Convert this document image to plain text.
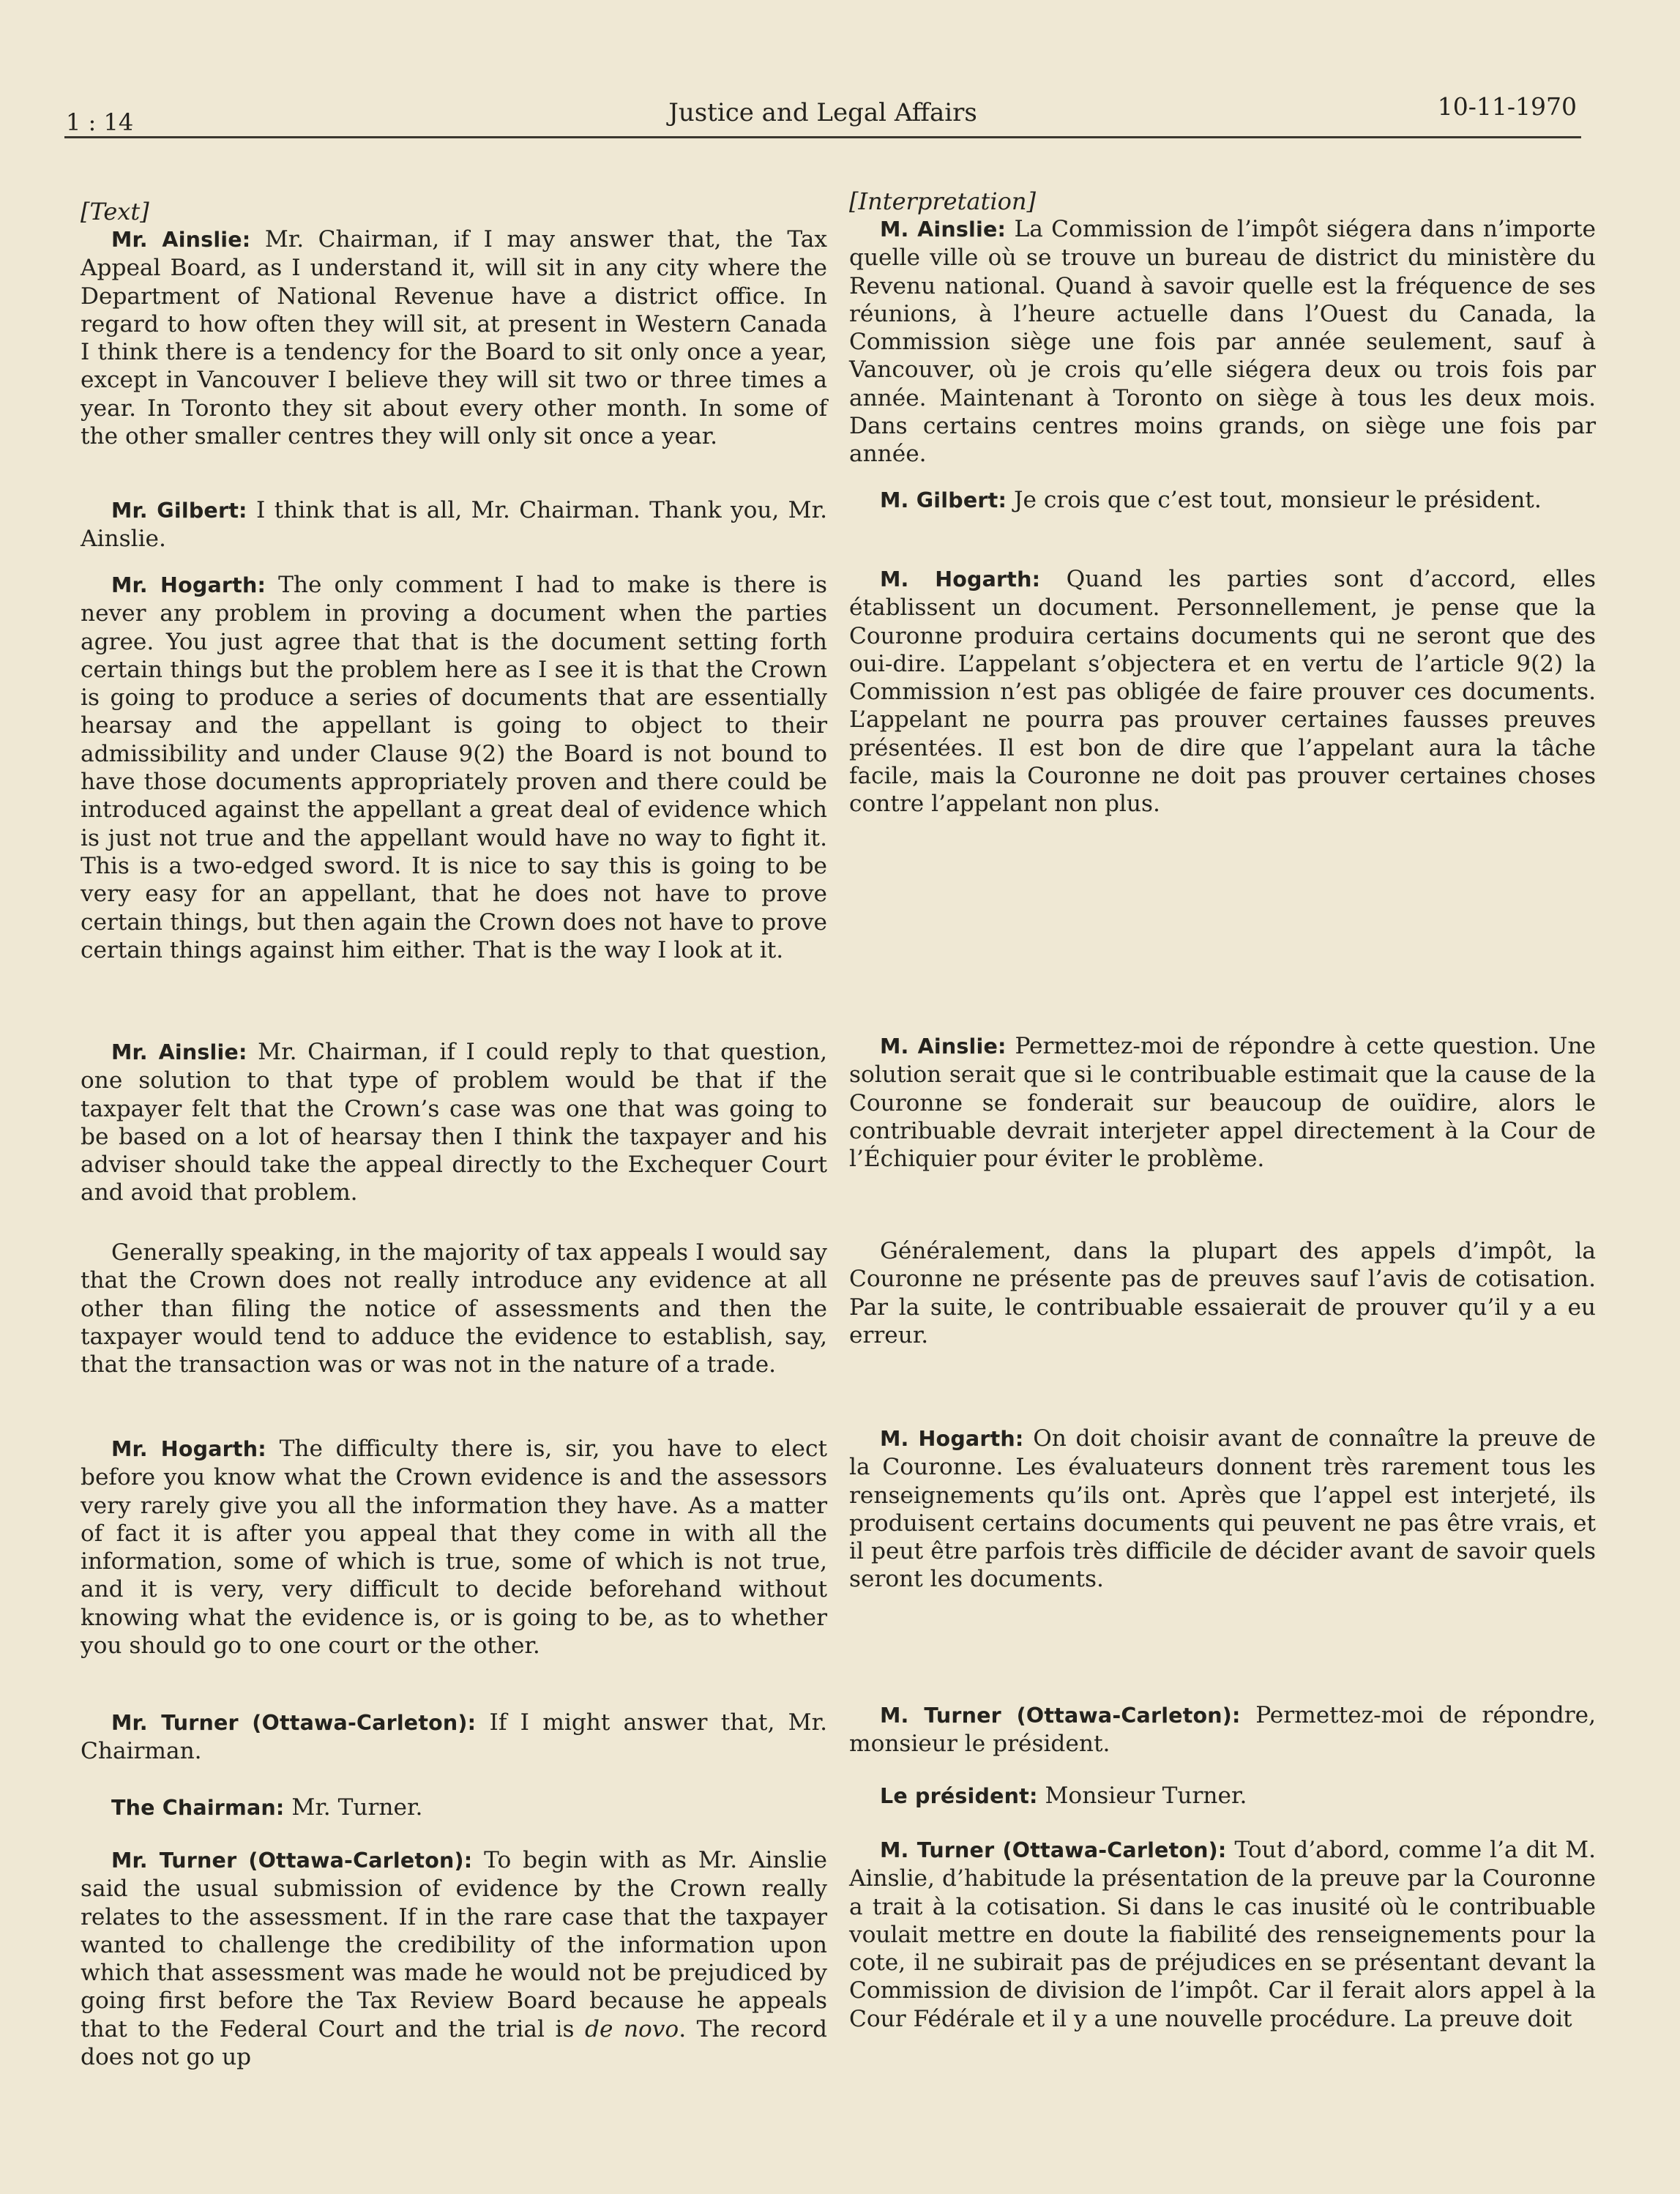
1 : 14	Justice and Legal Affairs	10-11-1970

[Text]

Mr. Ainslie: Mr. Chairman, if I may answer that, the Tax Appeal Board, as I understand it, will sit in any city where the Department of National Revenue have a district office. In regard to how often they will sit, at present in Western Canada I think there is a tendency for the Board to sit only once a year, except in Vancouver I believe they will sit two or three times a year. In Toronto they sit about every other month. In some of the other smaller centres they will only sit once a year.

Mr. Gilbert: I think that is all, Mr. Chairman. Thank you, Mr. Ainslie.

Mr. Hogarth: The only comment I had to make is there is never any problem in proving a document when the parties agree. You just agree that that is the document setting forth certain things but the problem here as I see it is that the Crown is going to produce a series of documents that are essentially hearsay and the appellant is going to object to their admissibility and under Clause 9(2) the Board is not bound to have those documents appropriately proven and there could be introduced against the appellant a great deal of evidence which is just not true and the appellant would have no way to fight it. This is a two-edged sword. It is nice to say this is going to be very easy for an appellant, that he does not have to prove certain things, but then again the Crown does not have to prove certain things against him either. That is the way I look at it.

Mr. Ainslie: Mr. Chairman, if I could reply to that question, one solution to that type of problem would be that if the taxpayer felt that the Crown’s case was one that was going to be based on a lot of hearsay then I think the taxpayer and his adviser should take the appeal directly to the Exchequer Court and avoid that problem.

Generally speaking, in the majority of tax appeals I would say that the Crown does not really introduce any evidence at all other than filing the notice of assessments and then the taxpayer would tend to adduce the evidence to establish, say, that the transaction was or was not in the nature of a trade.

Mr. Hogarth: The difficulty there is, sir, you have to elect before you know what the Crown evidence is and the assessors very rarely give you all the information they have. As a matter of fact it is after you appeal that they come in with all the information, some of which is true, some of which is not true, and it is very, very difficult to decide beforehand without knowing what the evidence is, or is going to be, as to whether you should go to one court or the other.

Mr. Turner (Ottawa-Carleton): If I might answer that, Mr. Chairman.

The Chairman: Mr. Turner.

Mr. Turner (Ottawa-Carleton): To begin with as Mr. Ainslie said the usual submission of evidence by the Crown really relates to the assessment. If in the rare case that the taxpayer wanted to challenge the credibility of the information upon which that assessment was made he would not be prejudiced by going first before the Tax Review Board because he appeals that to the Federal Court and the trial is de novo. The record does not go up

[Interpretation]

M. Ainslie: La Commission de l’impôt siégera dans n’importe quelle ville où se trouve un bureau de district du ministère du Revenu national. Quand à savoir quelle est la fréquence de ses réunions, à l’heure actuelle dans l’Ouest du Canada, la Commission siège une fois par année seulement, sauf à Vancouver, où je crois qu’elle siégera deux ou trois fois par année. Maintenant à Toronto on siège à tous les deux mois. Dans certains centres moins grands, on siège une fois par année.

M. Gilbert: Je crois que c’est tout, monsieur le président.

M. Hogarth: Quand les parties sont d’accord, elles établissent un document. Personnellement, je pense que la Couronne produira certains documents qui ne seront que des oui-dire. L’appelant s’objectera et en vertu de l’article 9(2) la Commission n’est pas obligée de faire prouver ces documents. L’appelant ne pourra pas prouver certaines fausses preuves présentées. Il est bon de dire que l’appelant aura la tâche facile, mais la Couronne ne doit pas prouver certaines choses contre l’appelant non plus.

M. Ainslie: Permettez-moi de répondre à cette question. Une solution serait que si le contribuable estimait que la cause de la Couronne se fonderait sur beaucoup de ouïdire, alors le contribuable devrait interjeter appel directement à la Cour de l’Échiquier pour éviter le problème.

Généralement, dans la plupart des appels d’impôt, la Couronne ne présente pas de preuves sauf l’avis de cotisation. Par la suite, le contribuable essaierait de prouver qu’il y a eu erreur.

M. Hogarth: On doit choisir avant de connaître la preuve de la Couronne. Les évaluateurs donnent très rarement tous les renseignements qu’ils ont. Après que l’appel est interjeté, ils produisent certains documents qui peuvent ne pas être vrais, et il peut être parfois très difficile de décider avant de savoir quels seront les documents.

M. Turner (Ottawa-Carleton): Permettez-moi de répondre, monsieur le président.

Le président: Monsieur Turner.

M. Turner (Ottawa-Carleton): Tout d’abord, comme l’a dit M. Ainslie, d’habitude la présentation de la preuve par la Couronne a trait à la cotisation. Si dans le cas inusité où le contribuable voulait mettre en doute la fiabilité des renseignements pour la cote, il ne subirait pas de préjudices en se présentant devant la Commission de division de l’impôt. Car il ferait alors appel à la Cour Fédérale et il y a une nouvelle procédure. La preuve doit
